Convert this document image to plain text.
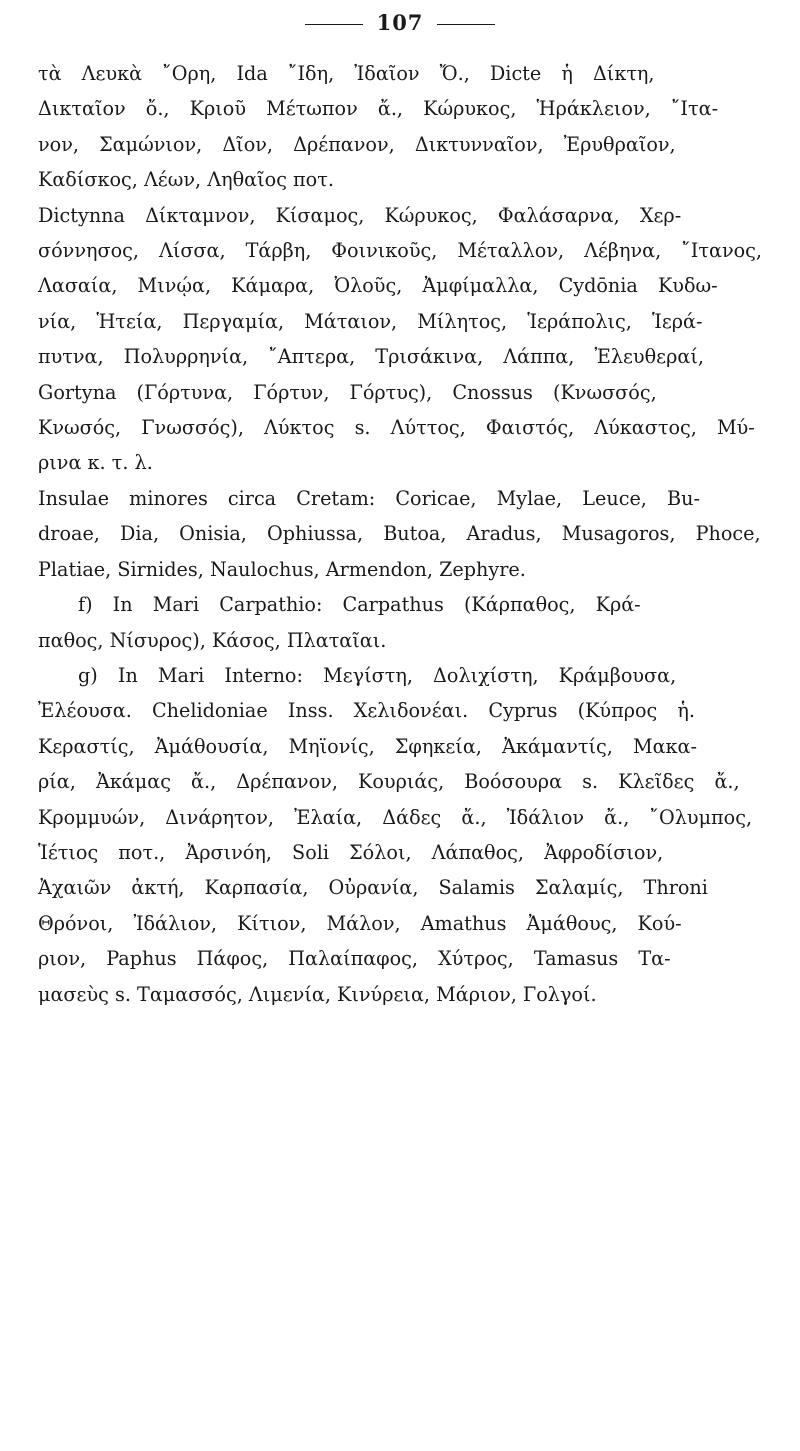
107
τὰ Λευκὰ ῎Ορη, Ida ῎Ιδη, Ἰδαῖον Ὄ., Dicte ἡ Δίκτη,
Δικταῖον ὄ., Κριοῦ Μέτωπον ἄ., Κώρυκος, Ἡράκλειον, ῎Ιτα-
νον, Σαμώνιον, Δῖον, Δρέπανον, Δικτυνναῖον, Ἐρυθραῖον,
Καδίσκος, Λέων, Ληθαῖος ποτ.
Dictynna Δίκταμνον, Κίσαμος, Κώρυκος, Φαλάσαρνα, Χερ-
σόννησος, Λίσσα, Τάρβη, Φοινικοῦς, Μέταλλον, Λέβηνα, ῎Ιτανος,
Λασαία, Μινῴα, Κάμαρα, Ὀλοῦς, Ἀμφίμαλλα, Cydōnia Κυδω-
νία, Ἡτεία, Περγαμία, Μάταιον, Μίλητος, Ἱεράπολις, Ἱερά-
πυτνα, Πολυρρηνία, ῎Απτερα, Τρισάκινα, Λάππα, Ἐλευθεραί,
Gortyna (Γόρτυνα, Γόρτυν, Γόρτυς), Cnossus (Κνωσσός,
Κνωσός, Γνωσσός), Λύκτος s. Λύττος, Φαιστός, Λύκαστος, Μύ-
ρινα κ. τ. λ.
Insulae minores circa Cretam: Coricae, Mylae, Leuce, Bu-
droae, Dia, Onisia, Ophiussa, Butoa, Aradus, Musagoros, Phoce,
Platiae, Sirnides, Naulochus, Armendon, Zephyre.
f) In Mari Carpathio: Carpathus (Κάρπαθος, Κρά-
παθος, Νίσυρος), Κάσος, Πλαταῖαι.
g) In Mari Interno: Μεγίστη, Δολιχίστη, Κράμβουσα,
Ἐλέουσα. Chelidoniae Inss. Χελιδονέαι. Cyprus (Κύπρος ἡ.
Κεραστίς, Ἀμάθουσία, Μηϊονίς, Σφηκεία, Ἀκάμαντίς, Μακα-
ρία, Ἀκάμας ἄ., Δρέπανον, Κουριάς, Βοόσουρα s. Κλεῖδες ἄ.,
Κρομμυών, Δινάρητον, Ἐλαία, Δάδες ἄ., Ἰδάλιον ἄ., ῎Ολυμπος,
Ἱέτιος ποτ., Ἀρσινόη, Soli Σόλοι, Λάπαθος, Ἀφροδίσιον,
Ἀχαιῶν ἀκτή, Καρπασία, Οὐρανία, Salamis Σαλαμίς, Throni
Θρόνοι, Ἰδάλιον, Κίτιον, Μάλον, Amathus Ἀμάθους, Κού-
ριον, Paphus Πάφος, Παλαίπαφος, Χύτρος, Tamasus Τα-
μασεὺς s. Ταμασσός, Λιμενία, Κινύρεια, Μάριον, Γολγοί.
